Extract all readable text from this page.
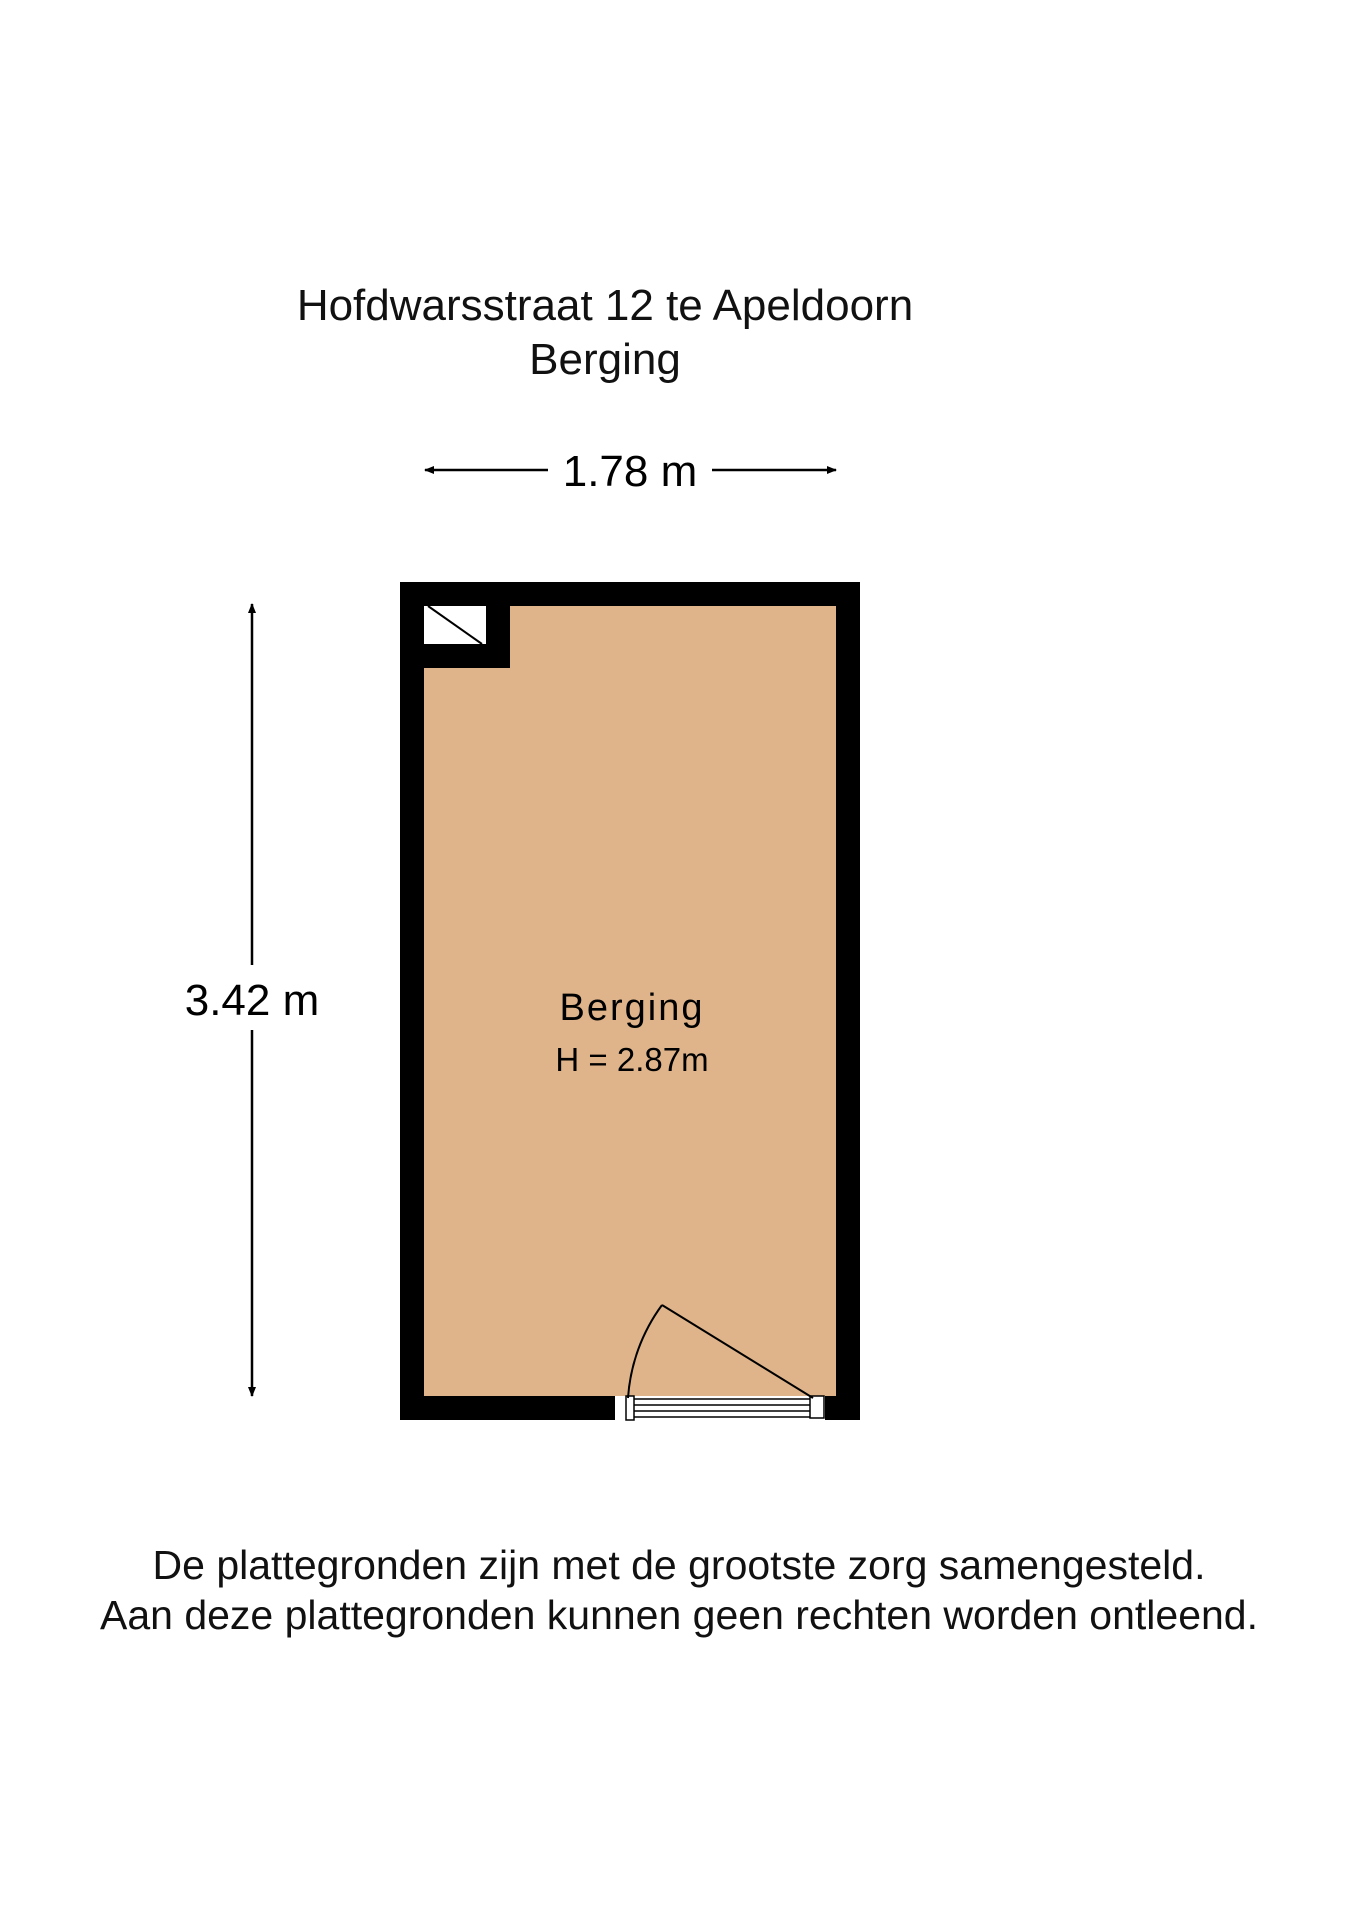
Hofdwarsstraat 12 te Apeldoorn
Berging
1.78 m
3.42 m	Berging
H = 2.87m
De plattegronden zijn met de grootste zorg samengesteld.
Aan deze plattegronden kunnen geen rechten worden ontleend.
